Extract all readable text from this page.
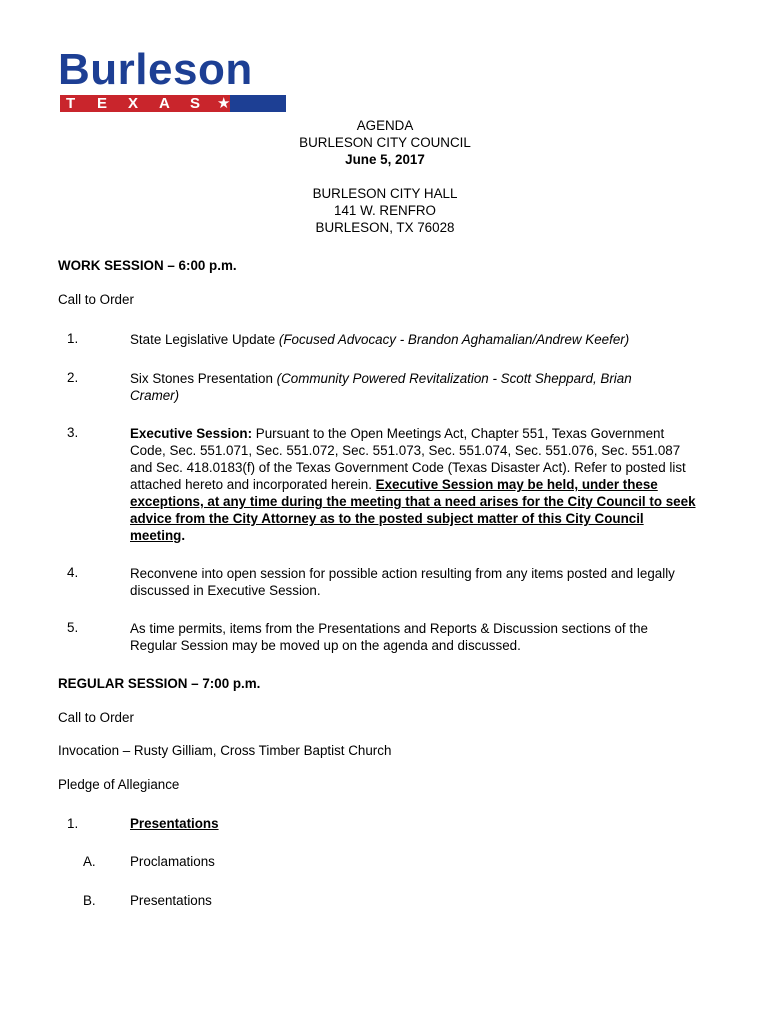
Burleson
T	E	X	A	S	★
AGENDA
BURLESON CITY COUNCIL
June 5, 2017
BURLESON CITY HALL
141 W. RENFRO
BURLESON, TX 76028
WORK SESSION – 6:00 p.m.
Call to Order
1.	State Legislative Update (Focused Advocacy - Brandon Aghamalian/Andrew Keefer)
2.	Six Stones Presentation (Community Powered Revitalization - Scott Sheppard, Brian Cramer)
3.	Executive Session: Pursuant to the Open Meetings Act, Chapter 551, Texas Government Code, Sec. 551.071, Sec. 551.072, Sec. 551.073, Sec. 551.074, Sec. 551.076, Sec. 551.087 and Sec. 418.0183(f) of the Texas Government Code (Texas Disaster Act). Refer to posted list attached hereto and incorporated herein. Executive Session may be held, under these exceptions, at any time during the meeting that a need arises for the City Council to seek advice from the City Attorney as to the posted subject matter of this City Council meeting.
4.	Reconvene into open session for possible action resulting from any items posted and legally discussed in Executive Session.
5.	As time permits, items from the Presentations and Reports & Discussion sections of the Regular Session may be moved up on the agenda and discussed.
REGULAR SESSION – 7:00 p.m.
Call to Order
Invocation – Rusty Gilliam, Cross Timber Baptist Church
Pledge of Allegiance
1.	Presentations
A.	Proclamations
B.	Presentations
